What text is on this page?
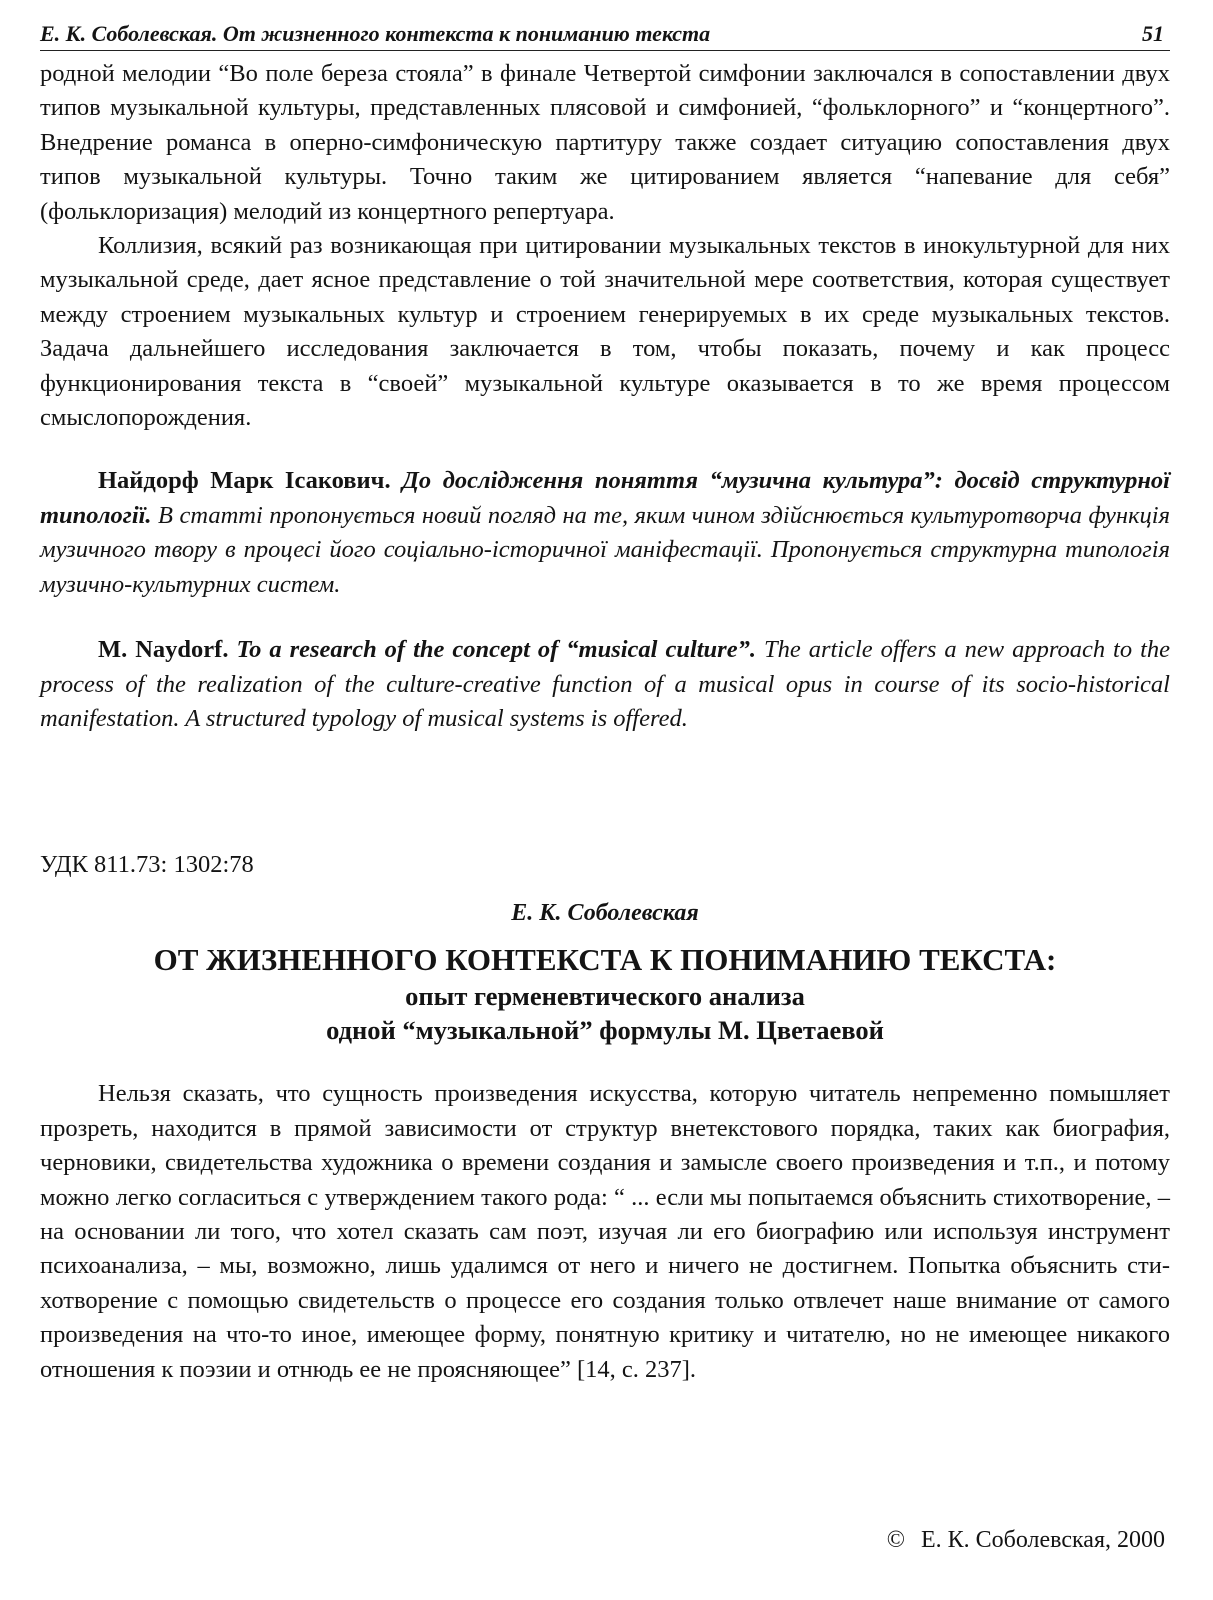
Е. К. Соболевская. От жизненного контекста к пониманию текста	51

родной мелодии “Во поле береза стояла” в финале Четвертой симфонии заключался в сопоставлении двух типов музыкальной культуры, представленных плясовой и симфонией, “фольклорного” и “концертного”. Внедрение романса в оперно-симфоническую партитуру также создает ситуацию сопоставления двух типов музыкальной культуры. Точно таким же цитированием является “напевание для себя” (фольклоризация) мелодий из концертного репертуара.

Коллизия, всякий раз возникающая при цитировании музыкальных текстов в инокультурной для них музыкальной среде, дает ясное представление о той значительной мере соответствия, которая существует между строением музыкальных культур и строением генерируемых в их среде музыкальных текстов. Задача дальнейшего исследования заключается в том, чтобы показать, почему и как процесс функционирования текста в “своей” музыкальной культуре оказывается в то же время процессом смыслопорождения.

Найдорф Марк Ісакович. До дослідження поняття “музична культура”: досвід структурної типології. В статті пропонується новий погляд на те, яким чином здійснюється культуротворча функція музичного твору в процесі його соціально-історичної маніфестації. Пропонується структурна типологія музично-культурних систем.

M. Naydorf. To a research of the concept of “musical culture”. The article offers a new approach to the process of the realization of the culture-creative function of a musical opus in course of its socio-historical manifestation. A structured typology of musical systems is offered.

УДК 811.73: 1302:78
Е. К. Соболевская
ОТ ЖИЗНЕННОГО КОНТЕКСТА К ПОНИМАНИЮ ТЕКСТА:
опыт герменевтического анализа
одной “музыкальной” формулы М. Цветаевой

Нельзя сказать, что сущность произведения искусства, которую читатель непременно помышляет прозреть, находится в прямой зависимости от структур внетекстового порядка, таких как биография, черновики, свидетельства художника о времени создания и замысле своего произведения и т.п., и потому можно легко согласиться с утверждением такого рода: “ ... если мы попытаемся объяснить стихотворение, – на основании ли того, что хотел сказать сам поэт, изучая ли его биографию или используя инструмент психоанализа, – мы, возможно, лишь удалимся от него и ничего не достигнем. Попытка объяснить стихотворение с помощью свидетельств о процессе его создания только отвлечет наше внимание от самого произведения на что-то иное, имеющее форму, понятную критику и читателю, но не имеющее никакого отношения к поэзии и отнюдь ее не проясняющее” [14, с. 237].

© Е. К. Соболевская, 2000
